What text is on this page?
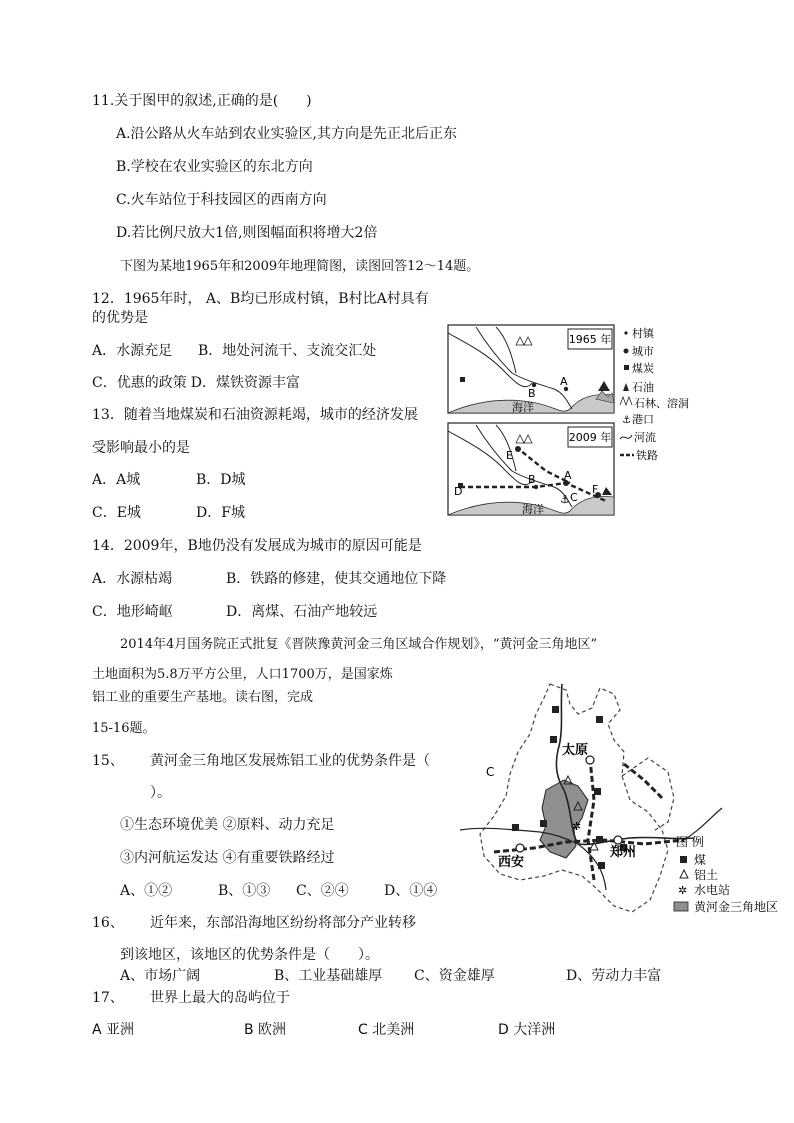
11.关于图甲的叙述,正确的是(　　)
A.沿公路从火车站到农业实验区,其方向是先正北后正东
B.学校在农业实验区的东北方向
C.火车站位于科技园区的西南方向
D.若比例尺放大1倍,则图幅面积将增大2倍
下图为某地1965年和2009年地理简图，读图回答12～14题。
12．1965年时， A、B均已形成村镇，B村比A村具有
的优势是
A．水源充足 B．地处河流干、支流交汇处
C．优惠的政策 D．煤铁资源丰富
13．随着当地煤炭和石油资源耗竭，城市的经济发展
受影响最小的是
A．A城	B．D城
C．E城	D．F城
14．2009年，B地仍没有发展成为城市的原因可能是
A．水源枯竭	B．铁路的修建，使其交通地位下降
C．地形崎岖	D．离煤、石油产地较远
2014年4月国务院正式批复《晋陕豫黄河金三角区域合作规划》，“黄河金三角地区”
土地面积为5.8万平方公里，人口1700万，是国家炼
铝工业的重要生产基地。读右图，完成
15-16题。
15、 黄河金三角地区发展炼铝工业的优势条件是（
）。
①生态环境优美 ②原料、动力充足
③内河航运发达 ④有重要铁路经过
A、①②	B、①③ C、②④	D、①④
16、 近年来，东部沿海地区纷纷将部分产业转移
到该地区，该地区的优势条件是（　　）。
A、市场广阔	B、工业基础雄厚 C、资金雄厚	D、劳动力丰富
17、 世界上最大的岛屿位于
A 亚洲	B 欧洲	C 北美洲	D 大洋洲
1965 年
海洋
B
A
2009 年
海洋
E
D
B	A
⚓ C
F
村镇
城市
煤炭
石油
石林、溶洞
⚓ 港口
河流
铁路
✲
太原
西安
郑州
C
图 例
煤
铝土
✲ 水电站
黄河金三角地区
